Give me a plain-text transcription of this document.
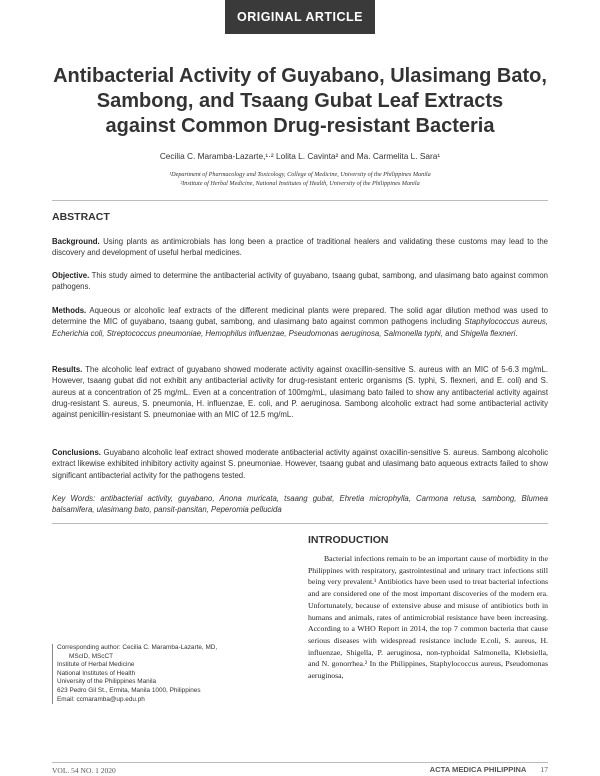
ORIGINAL ARTICLE
Antibacterial Activity of Guyabano, Ulasimang Bato,
Sambong, and Tsaang Gubat Leaf Extracts
against Common Drug-resistant Bacteria
Cecilia C. Maramba-Lazarte,¹·² Lolita L. Cavinta² and Ma. Carmelita L. Sara¹
¹Department of Pharmacology and Toxicology, College of Medicine, University of the Philippines Manila
²Institute of Herbal Medicine, National Institutes of Health, University of the Philippines Manila
ABSTRACT
Background. Using plants as antimicrobials has long been a practice of traditional healers and validating these customs may lead to the discovery and development of useful herbal medicines.
Objective. This study aimed to determine the antibacterial activity of guyabano, tsaang gubat, sambong, and ulasimang bato against common pathogens.
Methods. Aqueous or alcoholic leaf extracts of the different medicinal plants were prepared. The solid agar dilution method was used to determine the MIC of guyabano, tsaang gubat, sambong, and ulasimang bato against common pathogens including Staphylococcus aureus, Echerichia coli, Streptococcus pneumoniae, Hemophilus influenzae, Pseudomonas aeruginosa, Salmonella typhi, and Shigella flexneri.
Results. The alcoholic leaf extract of guyabano showed moderate activity against oxacillin-sensitive S. aureus with an MIC of 5-6.3 mg/mL. However, tsaang gubat did not exhibit any antibacterial activity for drug-resistant enteric organisms (S. typhi, S. flexneri, and E. coli) and S. aureus at a concentration of 25 mg/mL. Even at a concentration of 100mg/mL, ulasimang bato failed to show any antibacterial activity against drug-resistant S. aureus, S. pneumonia, H. influenzae, E. coli, and P. aeruginosa. Sambong alcoholic extract had some antibacterial activity against penicillin-resistant S. pneumoniae with an MIC of 12.5 mg/mL.
Conclusions. Guyabano alcoholic leaf extract showed moderate antibacterial activity against oxacillin-sensitive S. aureus. Sambong alcoholic extract likewise exhibited inhibitory activity against S. pneumoniae. However, tsaang gubat and ulasimang bato aqueous extracts failed to show significant antibacterial activity for the pathogens tested.
Key Words: antibacterial activity, guyabano, Anona muricata, tsaang gubat, Ehretia microphylla, Carmona retusa, sambong, Blumea balsamifera, ulasimang bato, pansit-pansitan, Peperomia pellucida
INTRODUCTION
Bacterial infections remain to be an important cause of morbidity in the Philippines with respiratory, gastrointestinal and urinary tract infections still being very prevalent.¹ Antibiotics have been used to treat bacterial infections and are considered one of the most important discoveries of the modern era. Unfortunately, because of extensive abuse and misuse of antibiotics both in humans and animals, rates of antimicrobial resistance have been increasing. According to a WHO Report in 2014, the top 7 common bacteria that cause serious diseases with widespread resistance include E.coli, S. aureus, H. influenzae, Shigella, P. aeruginosa, non-typhoidal Salmonella, Klebsiella, and N. gonorrhea.² In the Philippines, Staphylococcus aureus, Pseudomonas aeruginosa,
Corresponding author: Cecilia C. Maramba-Lazarte, MD,
MScID, MScCT
Institute of Herbal Medicine
National Institutes of Health
University of the Philippines Manila
623 Pedro Gil St., Ermita, Manila 1000, Philippines
Email: ccmaramba@up.edu.ph
VOL. 54 NO. 1 2020	ACTA MEDICA PHILIPPINA 17
